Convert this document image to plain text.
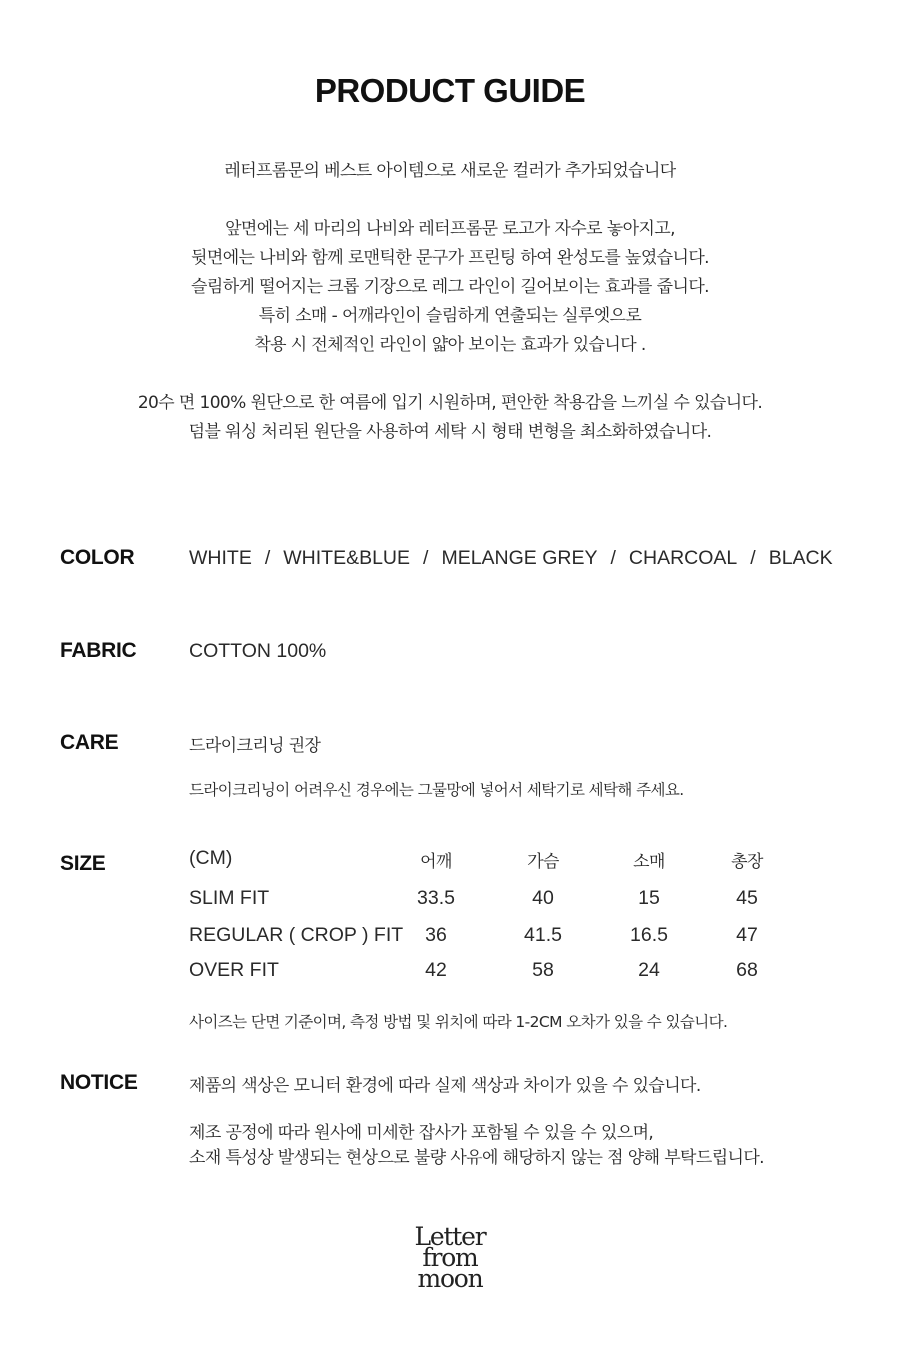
PRODUCT GUIDE
레터프롬문의 베스트 아이템으로 새로운 컬러가 추가되었습니다
앞면에는 세 마리의 나비와 레터프롬문 로고가 자수로 놓아지고,
뒷면에는 나비와 함께 로맨틱한 문구가 프린팅 하여 완성도를 높였습니다.
슬림하게 떨어지는 크롭 기장으로 레그 라인이 길어보이는 효과를 줍니다.
특히 소매 - 어깨라인이 슬림하게 연출되는 실루엣으로
착용 시 전체적인 라인이 얇아 보이는 효과가 있습니다 .
20수 면 100% 원단으로 한 여름에 입기 시원하며, 편안한 착용감을 느끼실 수 있습니다.
덤블 워싱 처리된 원단을 사용하여 세탁 시 형태 변형을 최소화하였습니다.
COLOR	WHITE / WHITE&BLUE / MELANGE GREY / CHARCOAL / BLACK
FABRIC	COTTON 100%
CARE	드라이크리닝 권장
드라이크리닝이 어려우신 경우에는 그물망에 넣어서 세탁기로 세탁해 주세요.
SIZE	(CM)	어깨	가슴	소매	총장
SLIM FIT	33.5	40	15	45
REGULAR ( CROP ) FIT	36	41.5	16.5	47
OVER FIT	42	58	24	68
사이즈는 단면 기준이며, 측정 방법 및 위치에 따라 1-2CM 오차가 있을 수 있습니다.
NOTICE	제품의 색상은 모니터 환경에 따라 실제 색상과 차이가 있을 수 있습니다.
제조 공정에 따라 원사에 미세한 잡사가 포함될 수 있을 수 있으며,
소재 특성상 발생되는 현상으로 불량 사유에 해당하지 않는 점 양해 부탁드립니다.
Letter
from
moon
